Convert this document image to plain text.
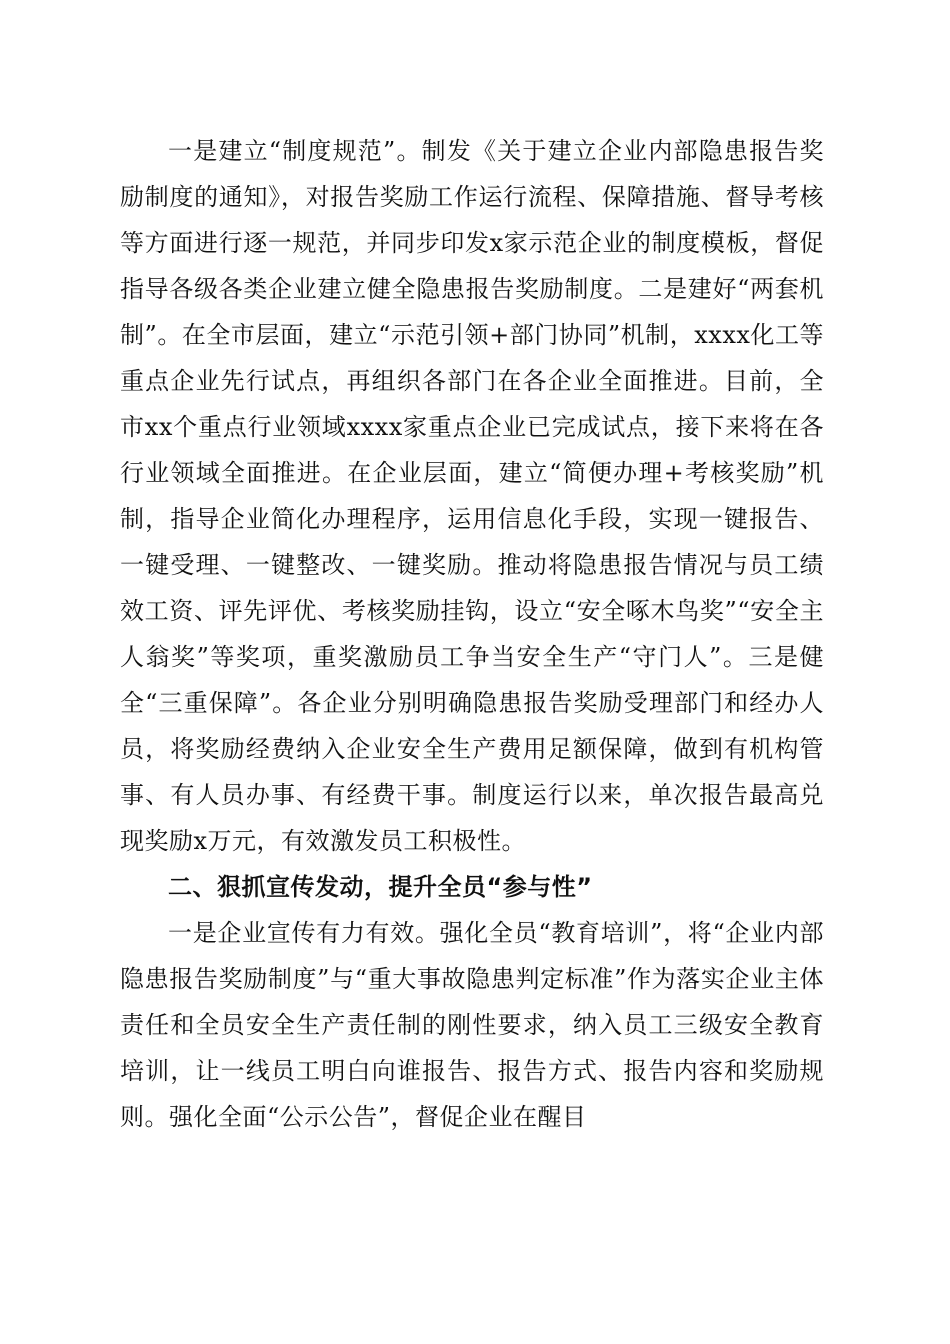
一是建立“制度规范”。制发《关于建立企业内部隐患报告奖励制度的通知》，对报告奖励工作运行流程、保障措施、督导考核等方面进行逐一规范，并同步印发x家示范企业的制度模板，督促指导各级各类企业建立健全隐患报告奖励制度。二是建好“两套机制”。在全市层面，建立“示范引领+部门协同”机制，xxxx化工等重点企业先行试点，再组织各部门在各企业全面推进。目前，全市xx个重点行业领域xxxx家重点企业已完成试点，接下来将在各行业领域全面推进。在企业层面，建立“简便办理+考核奖励”机制，指导企业简化办理程序，运用信息化手段，实现一键报告、一键受理、一键整改、一键奖励。推动将隐患报告情况与员工绩效工资、评先评优、考核奖励挂钩，设立“安全啄木鸟奖”“安全主人翁奖”等奖项，重奖激励员工争当安全生产“守门人”。三是健全“三重保障”。各企业分别明确隐患报告奖励受理部门和经办人员，将奖励经费纳入企业安全生产费用足额保障，做到有机构管事、有人员办事、有经费干事。制度运行以来，单次报告最高兑现奖励x万元，有效激发员工积极性。

二、狠抓宣传发动，提升全员“参与性”

一是企业宣传有力有效。强化全员“教育培训”，将“企业内部隐患报告奖励制度”与“重大事故隐患判定标准”作为落实企业主体责任和全员安全生产责任制的刚性要求，纳入员工三级安全教育培训，让一线员工明白向谁报告、报告方式、报告内容和奖励规则。强化全面“公示公告”，督促企业在醒目
